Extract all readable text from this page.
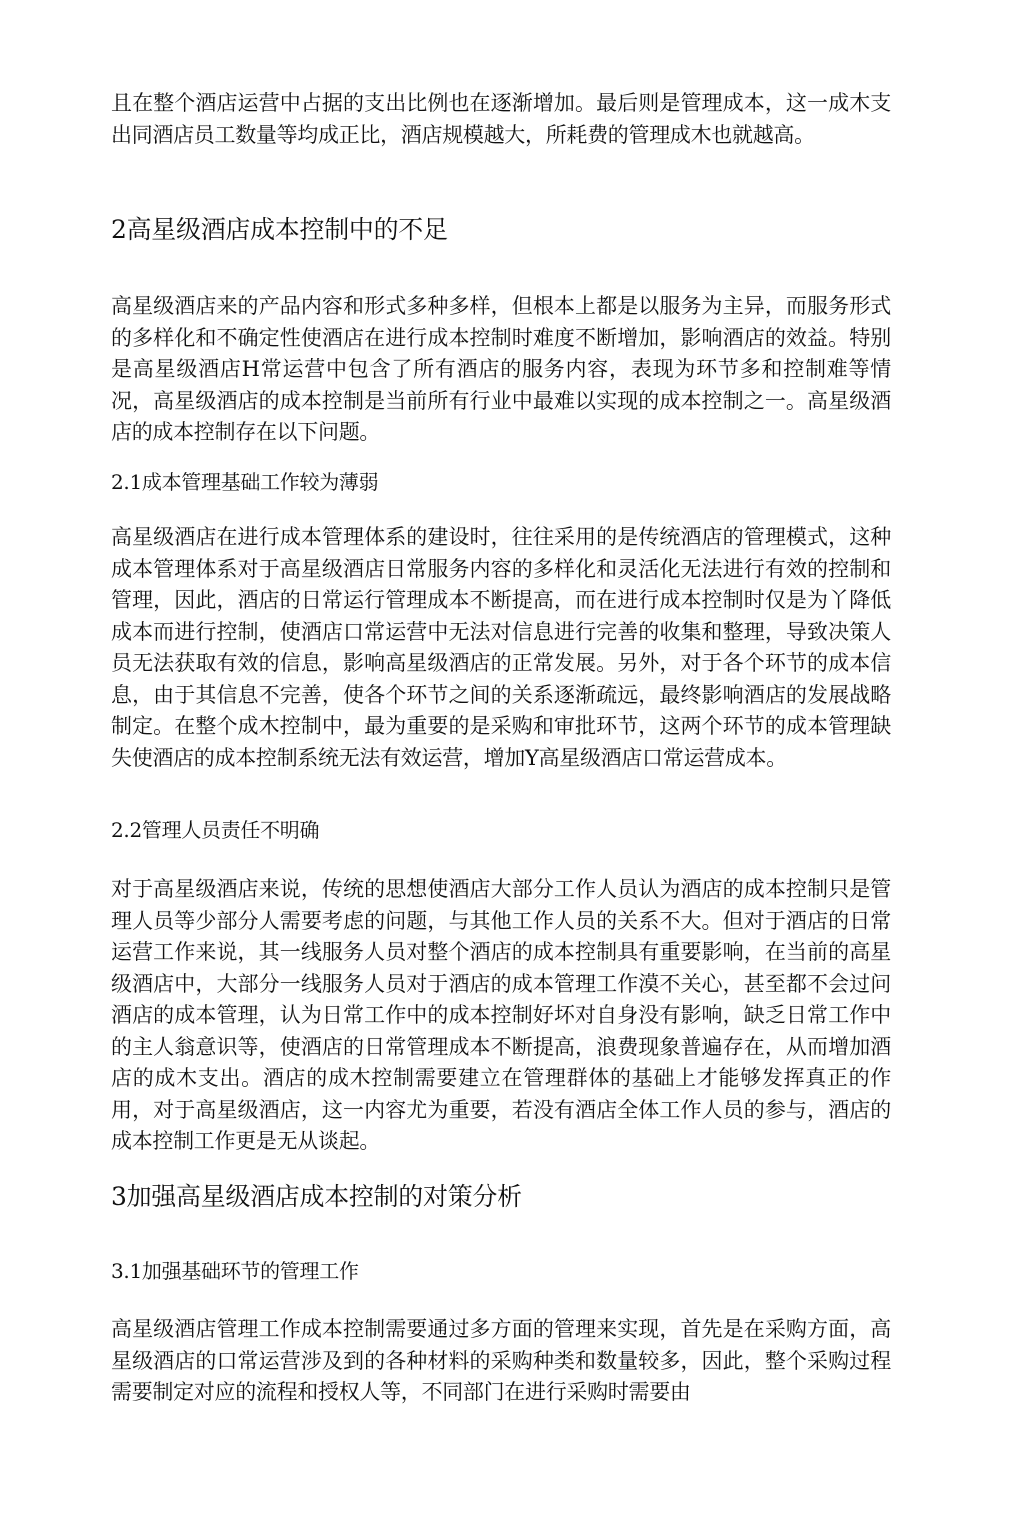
且在整个酒店运营中占据的支出比例也在逐渐增加。最后则是管理成本，这一成木支出同酒店员工数量等均成正比，酒店规模越大，所耗费的管理成木也就越高。

2高星级酒店成本控制中的不足

高星级酒店来的产品内容和形式多种多样，但根本上都是以服务为主异，而服务形式的多样化和不确定性使酒店在进行成本控制时难度不断增加，影响酒店的效益。特别是高星级酒店H常运营中包含了所有酒店的服务内容，表现为环节多和控制难等情况，高星级酒店的成本控制是当前所有行业中最难以实现的成本控制之一。高星级酒店的成本控制存在以下问题。

2.1成本管理基础工作较为薄弱

高星级酒店在进行成本管理体系的建设时，往往采用的是传统酒店的管理模式，这种成本管理体系对于高星级酒店日常服务内容的多样化和灵活化无法进行有效的控制和管理，因此，酒店的日常运行管理成本不断提高，而在进行成本控制时仅是为丫降低成本而进行控制，使酒店口常运营中无法对信息进行完善的收集和整理，导致决策人员无法获取有效的信息，影响高星级酒店的正常发展。另外，对于各个环节的成本信息，由于其信息不完善，使各个环节之间的关系逐渐疏远，最终影响酒店的发展战略制定。在整个成木控制中，最为重要的是采购和审批环节，这两个环节的成本管理缺失使酒店的成本控制系统无法有效运营，增加Y高星级酒店口常运营成本。

2.2管理人员责任不明确

对于高星级酒店来说，传统的思想使酒店大部分工作人员认为酒店的成本控制只是管理人员等少部分人需要考虑的问题，与其他工作人员的关系不大。但对于酒店的日常运营工作来说，其一线服务人员对整个酒店的成本控制具有重要影响，在当前的高星级酒店中，大部分一线服务人员对于酒店的成本管理工作漠不关心，甚至都不会过问酒店的成本管理，认为日常工作中的成本控制好坏对自身没有影响，缺乏日常工作中的主人翁意识等，使酒店的日常管理成本不断提高，浪费现象普遍存在，从而增加酒店的成木支出。酒店的成木控制需要建立在管理群体的基础上才能够发挥真正的作用，对于高星级酒店，这一内容尤为重要，若没有酒店全体工作人员的参与，酒店的成本控制工作更是无从谈起。

3加强高星级酒店成本控制的对策分析
3.1加强基础环节的管理工作

高星级酒店管理工作成本控制需要通过多方面的管理来实现，首先是在采购方面，高星级酒店的口常运营涉及到的各种材料的采购种类和数量较多，因此，整个采购过程需要制定对应的流程和授权人等，不同部门在进行采购时需要由
